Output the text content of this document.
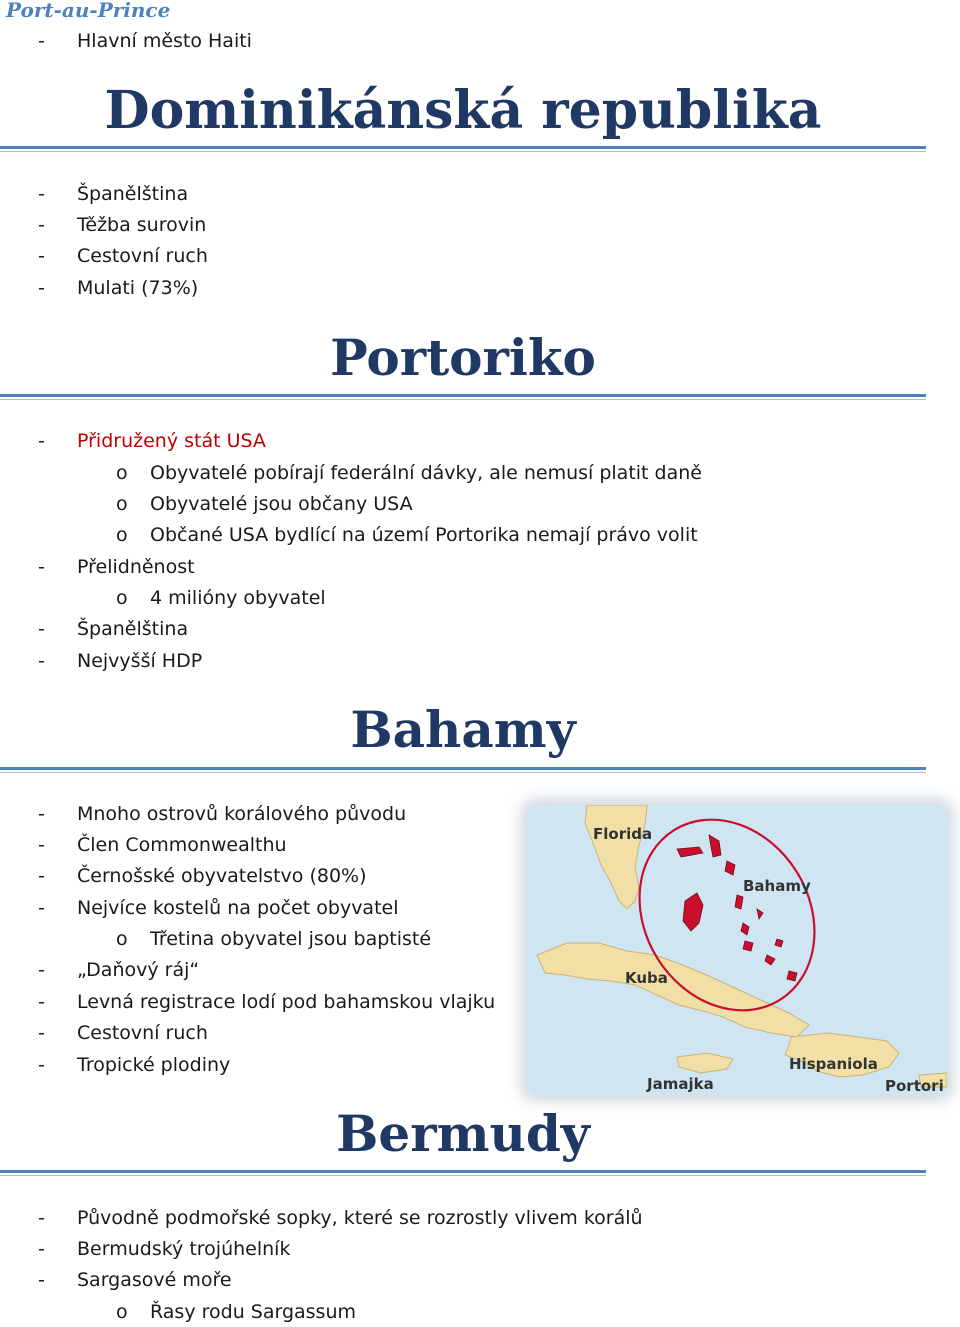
Port-au-Prince
- Hlavní město Haiti
Dominikánská republika
- Španělština
- Těžba surovin
- Cestovní ruch
- Mulati (73%)
Portoriko
- Přidružený stát USA
o Obyvatelé pobírají federální dávky, ale nemusí platit daně
o Obyvatelé jsou občany USA
o Občané USA bydlící na území Portorika nemají právo volit
- Přelidněnost
o 4 milióny obyvatel
- Španělština
- Nejvyšší HDP
Bahamy
- Mnoho ostrovů korálového původu
- Člen Commonwealthu
- Černošské obyvatelstvo (80%)
- Nejvíce kostelů na počet obyvatel
o Třetina obyvatel jsou baptisté
- „Daňový ráj“
- Levná registrace lodí pod bahamskou vlajku
- Cestovní ruch
- Tropické plodiny
Florida
Bahamy
Kuba
Hispaniola
Jamajka	Portori
Bermudy
- Původně podmořské sopky, které se rozrostly vlivem korálů
- Bermudský trojúhelník
- Sargasové moře
o Řasy rodu Sargassum
